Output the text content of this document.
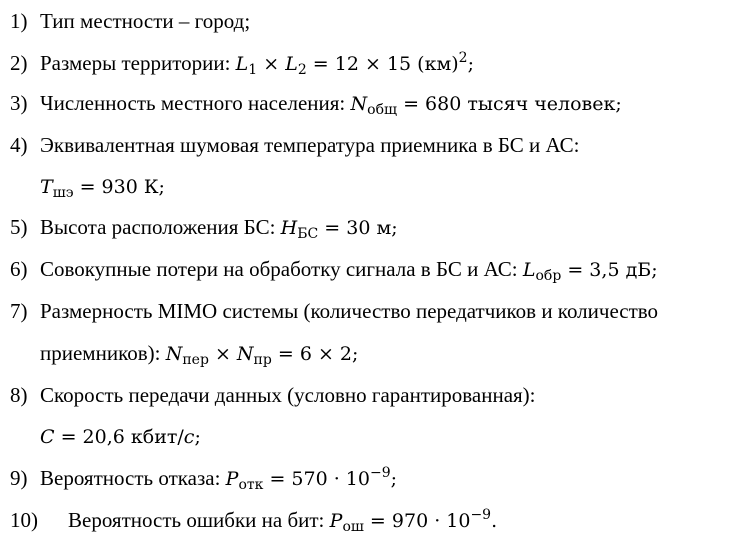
1) Тип местности – город;
2) Размеры территории: $L_1 \times L_2 = 12 \times 15$ (км)$^2$;
3) Численность местного населения: $N_{общ} = 680$ тысяч человек;
4) Эквивалентная шумовая температура приемника в БС и АС:
$T_{шэ} = 930$ К;
5) Высота расположения БС: $H_{БС} = 30$ м;
6) Совокупные потери на обработку сигнала в БС и АС: $L_{обр} = 3,5$ дБ;
7) Размерность MIMO системы (количество передатчиков и количество
приемников): $N_{пер} \times N_{пр} = 6 \times 2$;
8) Скорость передачи данных (условно гарантированная):
C = 20,6 кбит/c;
9) Вероятность отказа: $P_{отк} = 570 \cdot 10^{-9}$;
10) Вероятность ошибки на бит: $P_{ош} = 970 \cdot 10^{-9}$.
